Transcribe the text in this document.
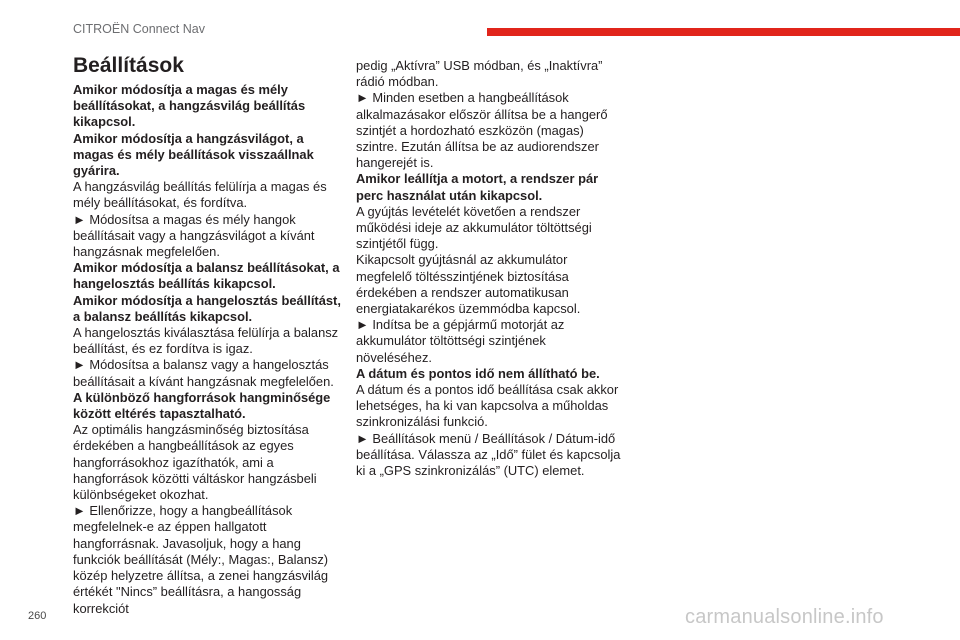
CITROËN Connect Nav
Beállítások

Amikor módosítja a magas és mély beállításokat, a hangzásvilág beállítás kikapcsol.

Amikor módosítja a hangzásvilágot, a magas és mély beállítások visszaállnak gyárira.

A hangzásvilág beállítás felülírja a magas és mély beállításokat, és fordítva.

► Módosítsa a magas és mély hangok beállításait vagy a hangzásvilágot a kívánt hangzásnak megfelelően.

Amikor módosítja a balansz beállításokat, a hangelosztás beállítás kikapcsol.

Amikor módosítja a hangelosztás beállítást, a balansz beállítás kikapcsol.

A hangelosztás kiválasztása felülírja a balansz beállítást, és ez fordítva is igaz.

► Módosítsa a balansz vagy a hangelosztás beállításait a kívánt hangzásnak megfelelően.

A különböző hangforrások hangminősége között eltérés tapasztalható.

Az optimális hangzásminőség biztosítása érdekében a hangbeállítások az egyes hangforrásokhoz igazíthatók, ami a hangforrások közötti váltáskor hangzásbeli különbségeket okozhat.

► Ellenőrizze, hogy a hangbeállítások megfelelnek-e az éppen hallgatott hangforrásnak. Javasoljuk, hogy a hang funkciók beállítását (Mély:, Magas:, Balansz) közép helyzetre állítsa, a zenei hangzásvilág értékét "Nincs” beállításra, a hangosság korrekciót

pedig „Aktívra” USB módban, és „Inaktívra” rádió módban.

► Minden esetben a hangbeállítások alkalmazásakor először állítsa be a hangerő szintjét a hordozható eszközön (magas) szintre. Ezután állítsa be az audiorendszer hangerejét is.

Amikor leállítja a motort, a rendszer pár perc használat után kikapcsol.

A gyújtás levételét követően a rendszer működési ideje az akkumulátor töltöttségi szintjétől függ.

Kikapcsolt gyújtásnál az akkumulátor megfelelő töltésszintjének biztosítása érdekében a rendszer automatikusan energiatakarékos üzemmódba kapcsol.

► Indítsa be a gépjármű motorját az akkumulátor töltöttségi szintjének növeléséhez.

A dátum és pontos idő nem állítható be.

A dátum és a pontos idő beállítása csak akkor lehetséges, ha ki van kapcsolva a műholdas szinkronizálási funkció.

► Beállítások menü / Beállítások / Dátum-idő beállítása. Válassza az „Idő” fület és kapcsolja ki a „GPS szinkronizálás” (UTC) elemet.

260	carmanualsonline.info
